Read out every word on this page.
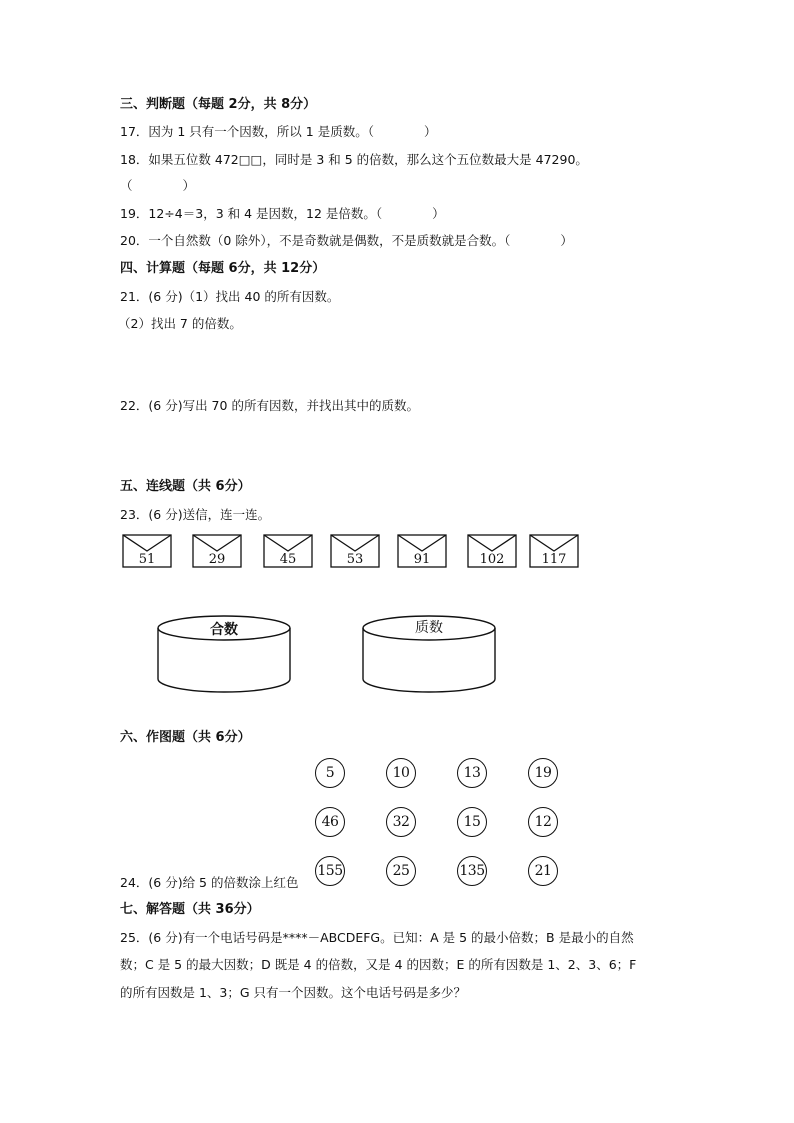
三、判断题（每题 2分，共 8分）
17．因为 1 只有一个因数，所以 1 是质数。（　　　　）
18．如果五位数 472□□，同时是 3 和 5 的倍数，那么这个五位数最大是 47290。
（　　　　）
19．12÷4＝3，3 和 4 是因数，12 是倍数。（　　　　）
20．一个自然数（0 除外），不是奇数就是偶数，不是质数就是合数。（　　　　）
四、计算题（每题 6分，共 12分）
21．(6 分)（1）找出 40 的所有因数。
（2）找出 7 的倍数。
22．(6 分)写出 70 的所有因数，并找出其中的质数。
五、连线题（共 6分）
23．(6 分)送信，连一连。
51	29	45	53	91	102	117
合数	质数
六、作图题（共 6分）
5	10	13	19
46	32	15	12
155	25	135	21
24．(6 分)给 5 的倍数涂上红色
七、解答题（共 36分）
25．(6 分)有一个电话号码是****－ABCDEFG。已知：A 是 5 的最小倍数；B 是最小的自然
数；C 是 5 的最大因数；D 既是 4 的倍数，又是 4 的因数；E 的所有因数是 1、2、3、6；F
的所有因数是 1、3；G 只有一个因数。这个电话号码是多少？
